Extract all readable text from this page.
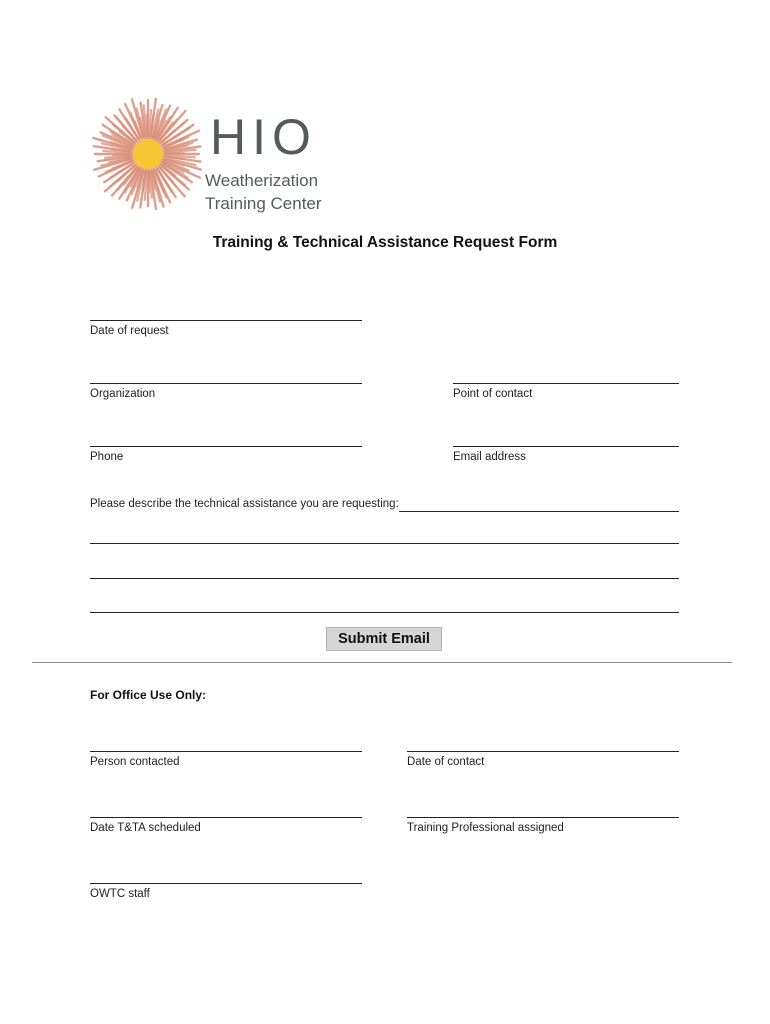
HIO
Weatherization
Training Center
Training & Technical Assistance Request Form
Date of request
Organization	Point of contact
Phone	Email address
Please describe the technical assistance you are requesting:
Submit Email
For Office Use Only:
Person contacted	Date of contact
Date T&TA scheduled	Training Professional assigned
OWTC staff
